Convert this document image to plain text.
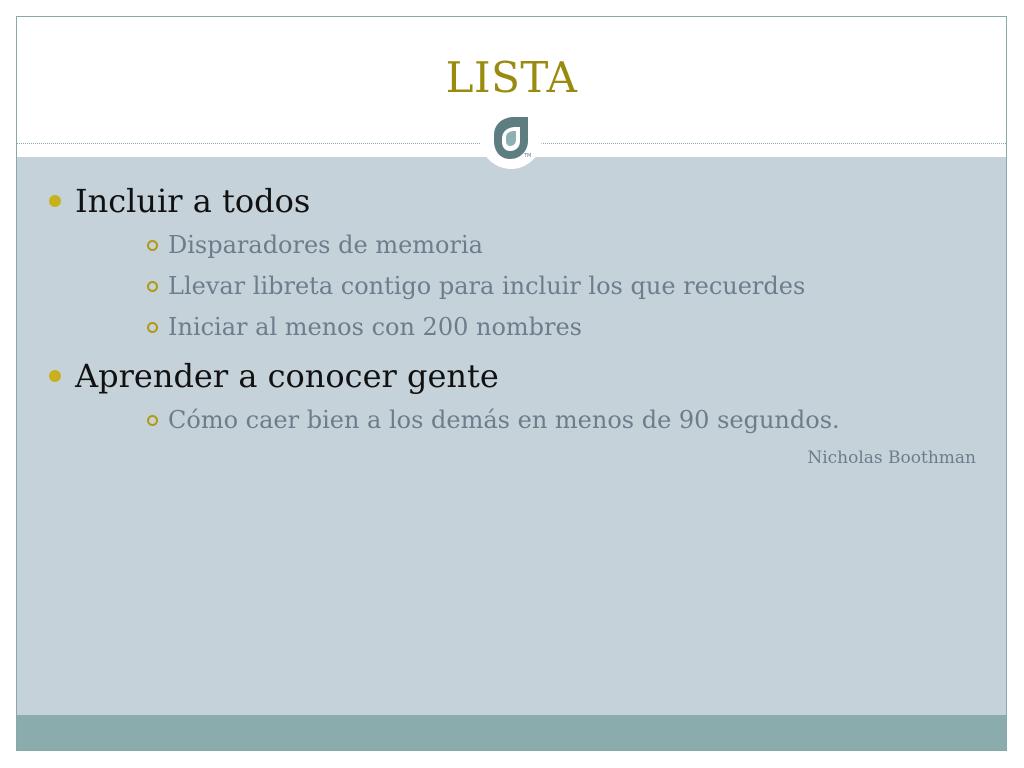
LISTA
TM
Incluir a todos
Disparadores de memoria
Llevar libreta contigo para incluir los que recuerdes
Iniciar al menos con 200 nombres
Aprender a conocer gente
Cómo caer bien a los demás en menos de 90 segundos.
Nicholas Boothman
